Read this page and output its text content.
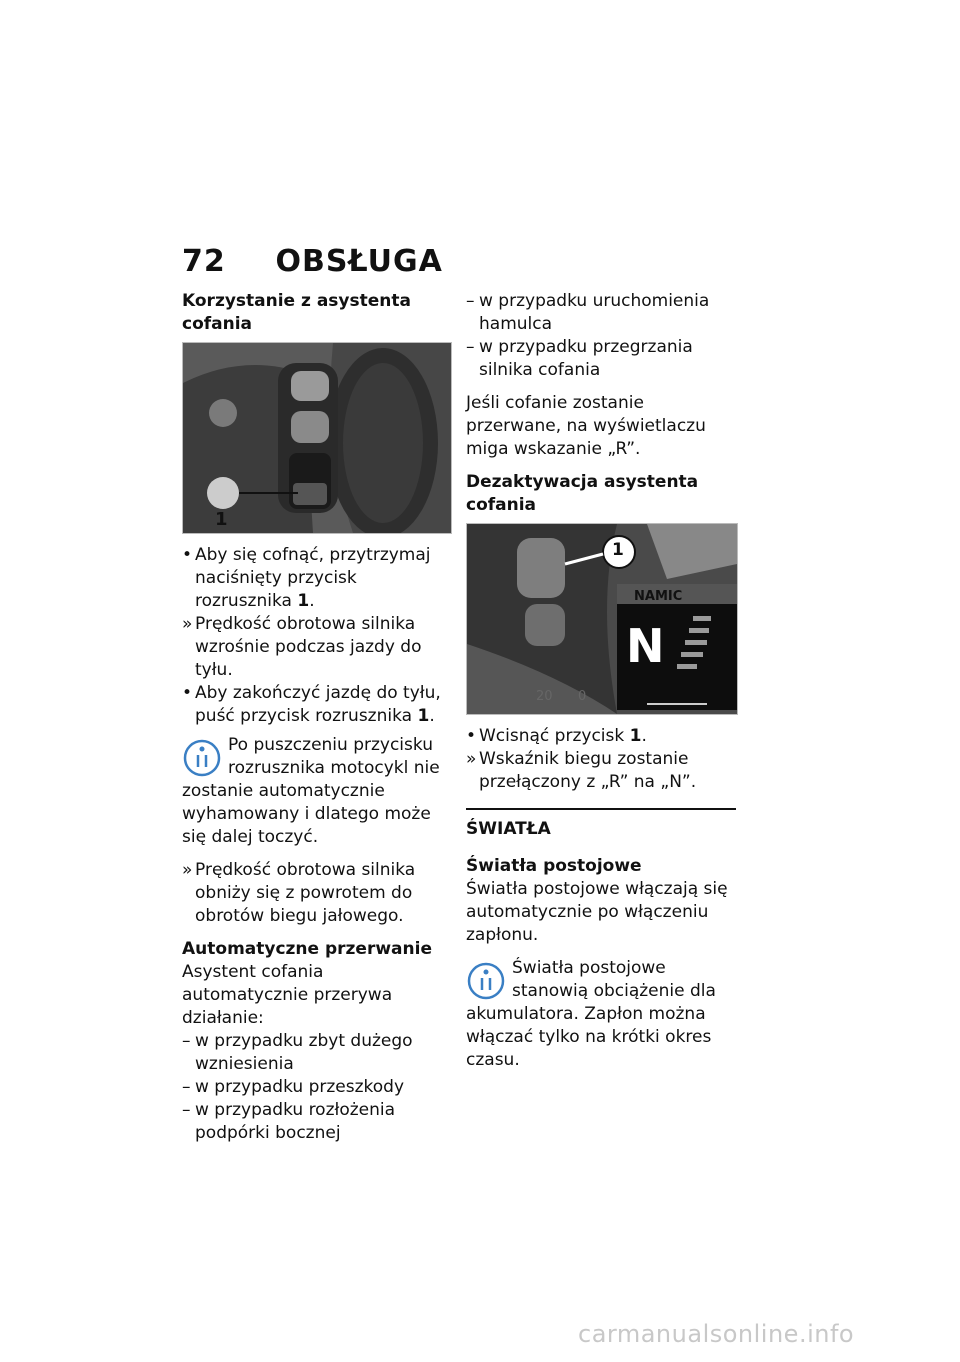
72 OBSŁUGA
Korzystanie z asystenta cofania
1
• Aby się cofnąć, przytrzymaj naciśnięty przycisk rozrusznika 1.
» Prędkość obrotowa silnika wzrośnie podczas jazdy do tyłu.
• Aby zakończyć jazdę do tyłu, puść przycisk rozrusznika 1.
Po puszczeniu przycisku rozrusznika motocykl nie zostanie automatycznie wyhamowany i dlatego może się dalej toczyć.
» Prędkość obrotowa silnika obniży się z powrotem do obrotów biegu jałowego.
Automatyczne przerwanie

Asystent cofania automatycznie przerywa działanie:

– w przypadku zbyt dużego wzniesienia
– w przypadku przeszkody
– w przypadku rozłożenia podpórki bocznej
– w przypadku uruchomienia hamulca
– w przypadku przegrzania silnika cofania

Jeśli cofanie zostanie przerwane, na wyświetlaczu miga wskazanie „R”.

Dezaktywacja asystenta cofania
1
NAMIC
N
20 0
• Wcisnąć przycisk 1.
» Wskaźnik biegu zostanie przełączony z „R” na „N”.
ŚWIATŁA
Światła postojowe

Światła postojowe włączają się automatycznie po włączeniu zapłonu.

Światła postojowe stanowią obciążenie dla akumulatora. Zapłon można włączać tylko na krótki okres czasu.
carmanualsonline.info
